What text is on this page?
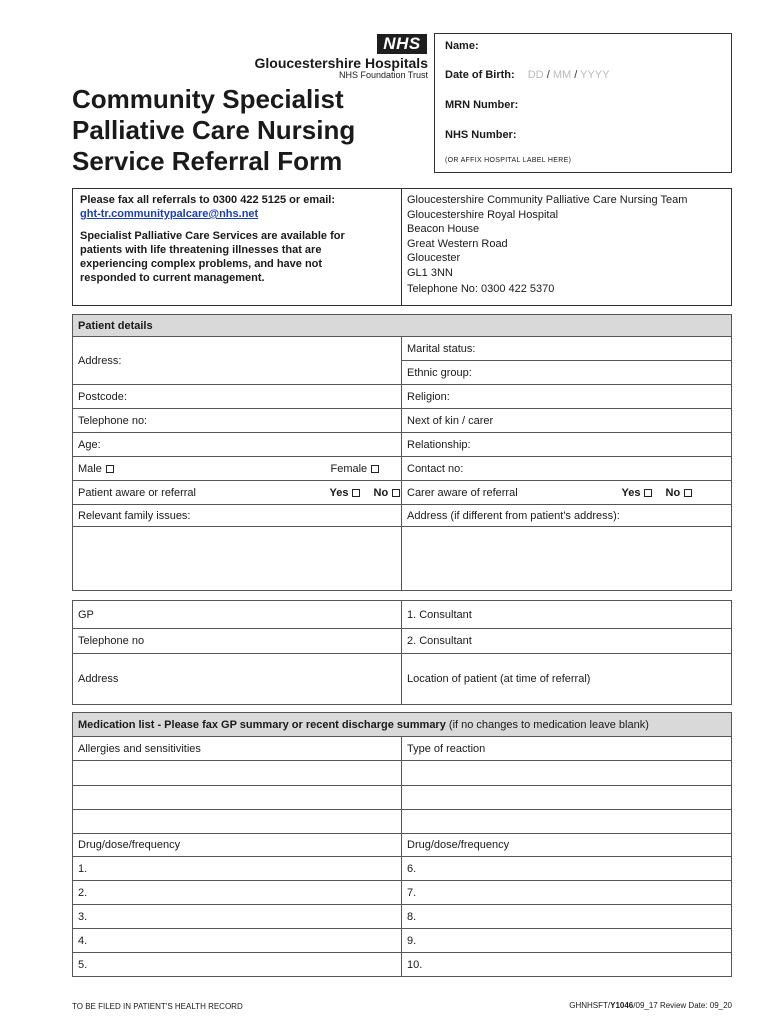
NHS
Gloucestershire Hospitals
NHS Foundation Trust
Community Specialist
Palliative Care Nursing
Service Referral Form
Name:
Date of Birth: DD / MM / YYYY
MRN Number:
NHS Number:
(OR AFFIX HOSPITAL LABEL HERE)
Please fax all referrals to 0300 422 5125 or email:
ght-tr.communitypalcare@nhs.net
Specialist Palliative Care Services are available for patients with life threatening illnesses that are experiencing complex problems, and have not responded to current management.
Gloucestershire Community Palliative Care Nursing Team
Gloucestershire Royal Hospital
Beacon House
Great Western Road
Gloucester
GL1 3NN
Telephone No: 0300 422 5370
Patient details	
Address:	Marital status:
	Ethnic group:
Postcode:	Religion:
Telephone no:	Next of kin / carer
Age:	Relationship:
Male Female	Contact no:
Patient aware or referral Yes No	Carer aware of referral Yes No

Relevant family issues:	Address (if different from patient's address):

GP	1. Consultant
Telephone no	2. Consultant
Address	Location of patient (at time of referral)
Medication list - Please fax GP summary or recent discharge summary (if no changes to medication leave blank)	
Allergies and sensitivities	Type of reaction

Drug/dose/frequency	Drug/dose/frequency
1.	6.
2.	7.
3.	8.
4.	9.
5.	10.
TO BE FILED IN PATIENT'S HEALTH RECORD	GHNHSFT/Y1046/09_17 Review Date: 09_20
